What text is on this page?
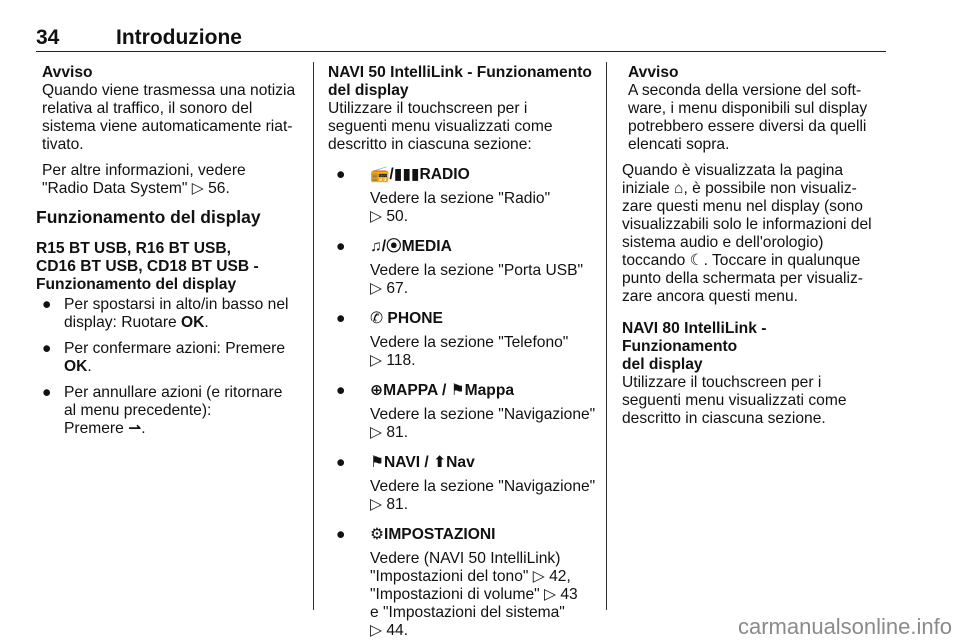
34	Introduzione

Avviso

Quando viene trasmessa una notizia

relativa al traffico, il sonoro del

sistema viene automaticamente riat-

tivato.

Per altre informazioni, vedere

"Radio Data System" ▷ 56.

Funzionamento del display

R15 BT USB, R16 BT USB,

CD16 BT USB, CD18 BT USB -

Funzionamento del display

● Per spostarsi in alto/in basso nel

display: Ruotare OK.

● Per confermare azioni: Premere

OK.

● Per annullare azioni (e ritornare

al menu precedente):

Premere ⇀.

NAVI 50 IntelliLink - Funzionamento

del display

Utilizzare il touchscreen per i

seguenti menu visualizzati come

descritto in ciascuna sezione:

● 📻/▮▮▮RADIO

Vedere la sezione "Radio"

▷ 50.

● ♫/⦿MEDIA

Vedere la sezione "Porta USB"

▷ 67.

● ✆ PHONE

Vedere la sezione "Telefono"

▷ 118.

● ⊕MAPPA / ⚑Mappa

Vedere la sezione "Navigazione"

▷ 81.

● ⚑NAVI / ⬆Nav

Vedere la sezione "Navigazione"

▷ 81.

● ⚙IMPOSTAZIONI

Vedere (NAVI 50 IntelliLink)

"Impostazioni del tono" ▷ 42,

"Impostazioni di volume" ▷ 43

e "Impostazioni del sistema"

▷ 44.

Avviso

A seconda della versione del soft-

ware, i menu disponibili sul display

potrebbero essere diversi da quelli

elencati sopra.

Quando è visualizzata la pagina

iniziale ⌂, è possibile non visualiz-

zare questi menu nel display (sono

visualizzabili solo le informazioni del

sistema audio e dell'orologio)

toccando ☾. Toccare in qualunque

punto della schermata per visualiz-

zare ancora questi menu.

NAVI 80 IntelliLink - Funzionamento

del display

Utilizzare il touchscreen per i

seguenti menu visualizzati come

descritto in ciascuna sezione.

carmanualsonline.info
